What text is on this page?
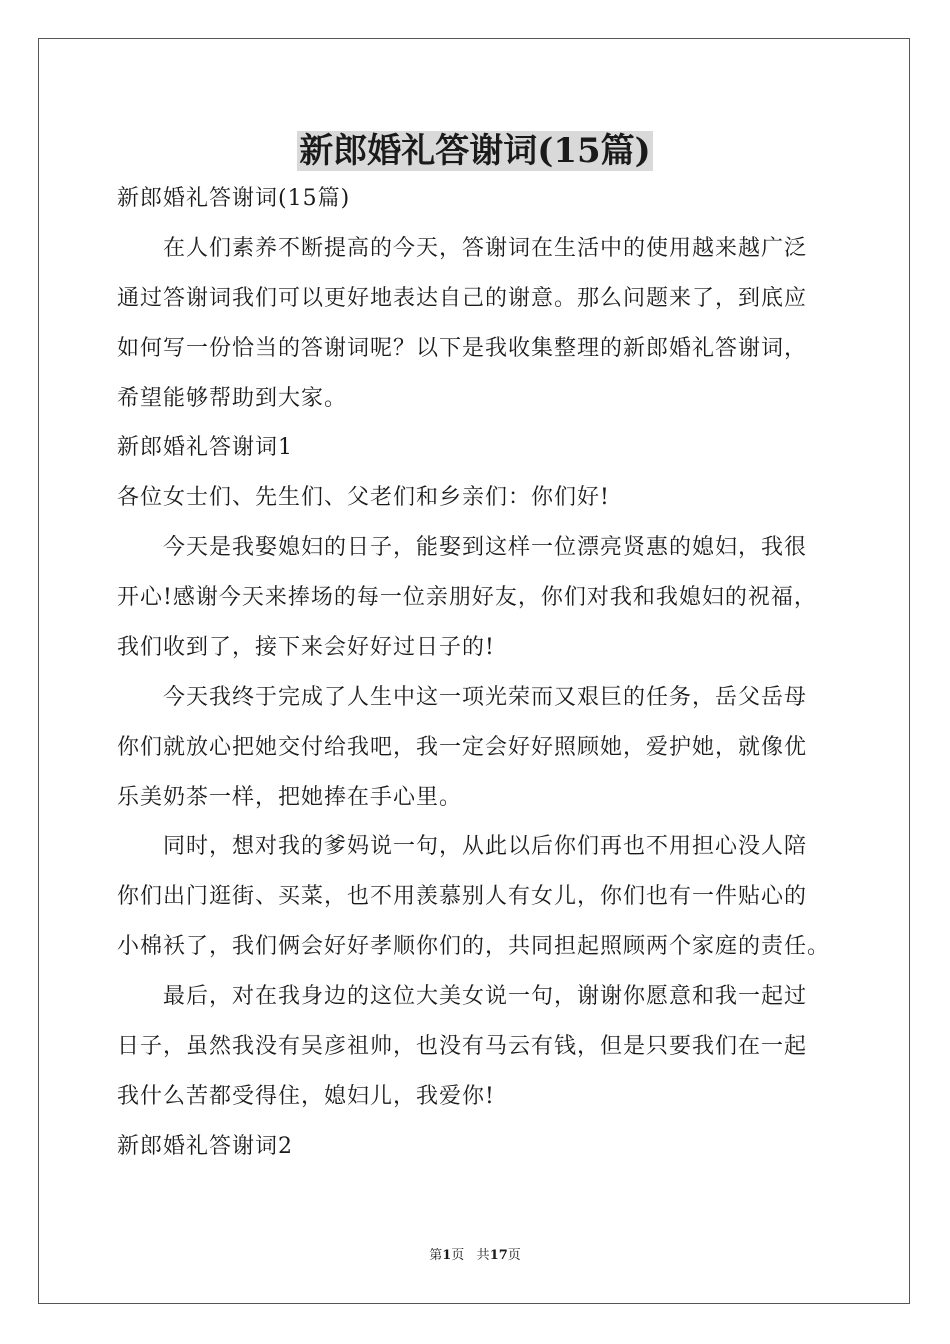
新郎婚礼答谢词(15篇)

新郎婚礼答谢词(15篇)

在人们素养不断提高的今天，答谢词在生活中的使用越来越广泛

通过答谢词我们可以更好地表达自己的谢意。那么问题来了，到底应

如何写一份恰当的答谢词呢？以下是我收集整理的新郎婚礼答谢词，

希望能够帮助到大家。

新郎婚礼答谢词1

各位女士们、先生们、父老们和乡亲们：你们好!

今天是我娶媳妇的日子，能娶到这样一位漂亮贤惠的媳妇，我很

开心!感谢今天来捧场的每一位亲朋好友，你们对我和我媳妇的祝福，

我们收到了，接下来会好好过日子的!

今天我终于完成了人生中这一项光荣而又艰巨的任务，岳父岳母

你们就放心把她交付给我吧，我一定会好好照顾她，爱护她，就像优

乐美奶茶一样，把她捧在手心里。

同时，想对我的爹妈说一句，从此以后你们再也不用担心没人陪

你们出门逛街、买菜，也不用羡慕别人有女儿，你们也有一件贴心的

小棉袄了，我们俩会好好孝顺你们的，共同担起照顾两个家庭的责任。

最后，对在我身边的这位大美女说一句，谢谢你愿意和我一起过

日子，虽然我没有吴彦祖帅，也没有马云有钱，但是只要我们在一起

我什么苦都受得住，媳妇儿，我爱你!

新郎婚礼答谢词2

第1页 共17页
